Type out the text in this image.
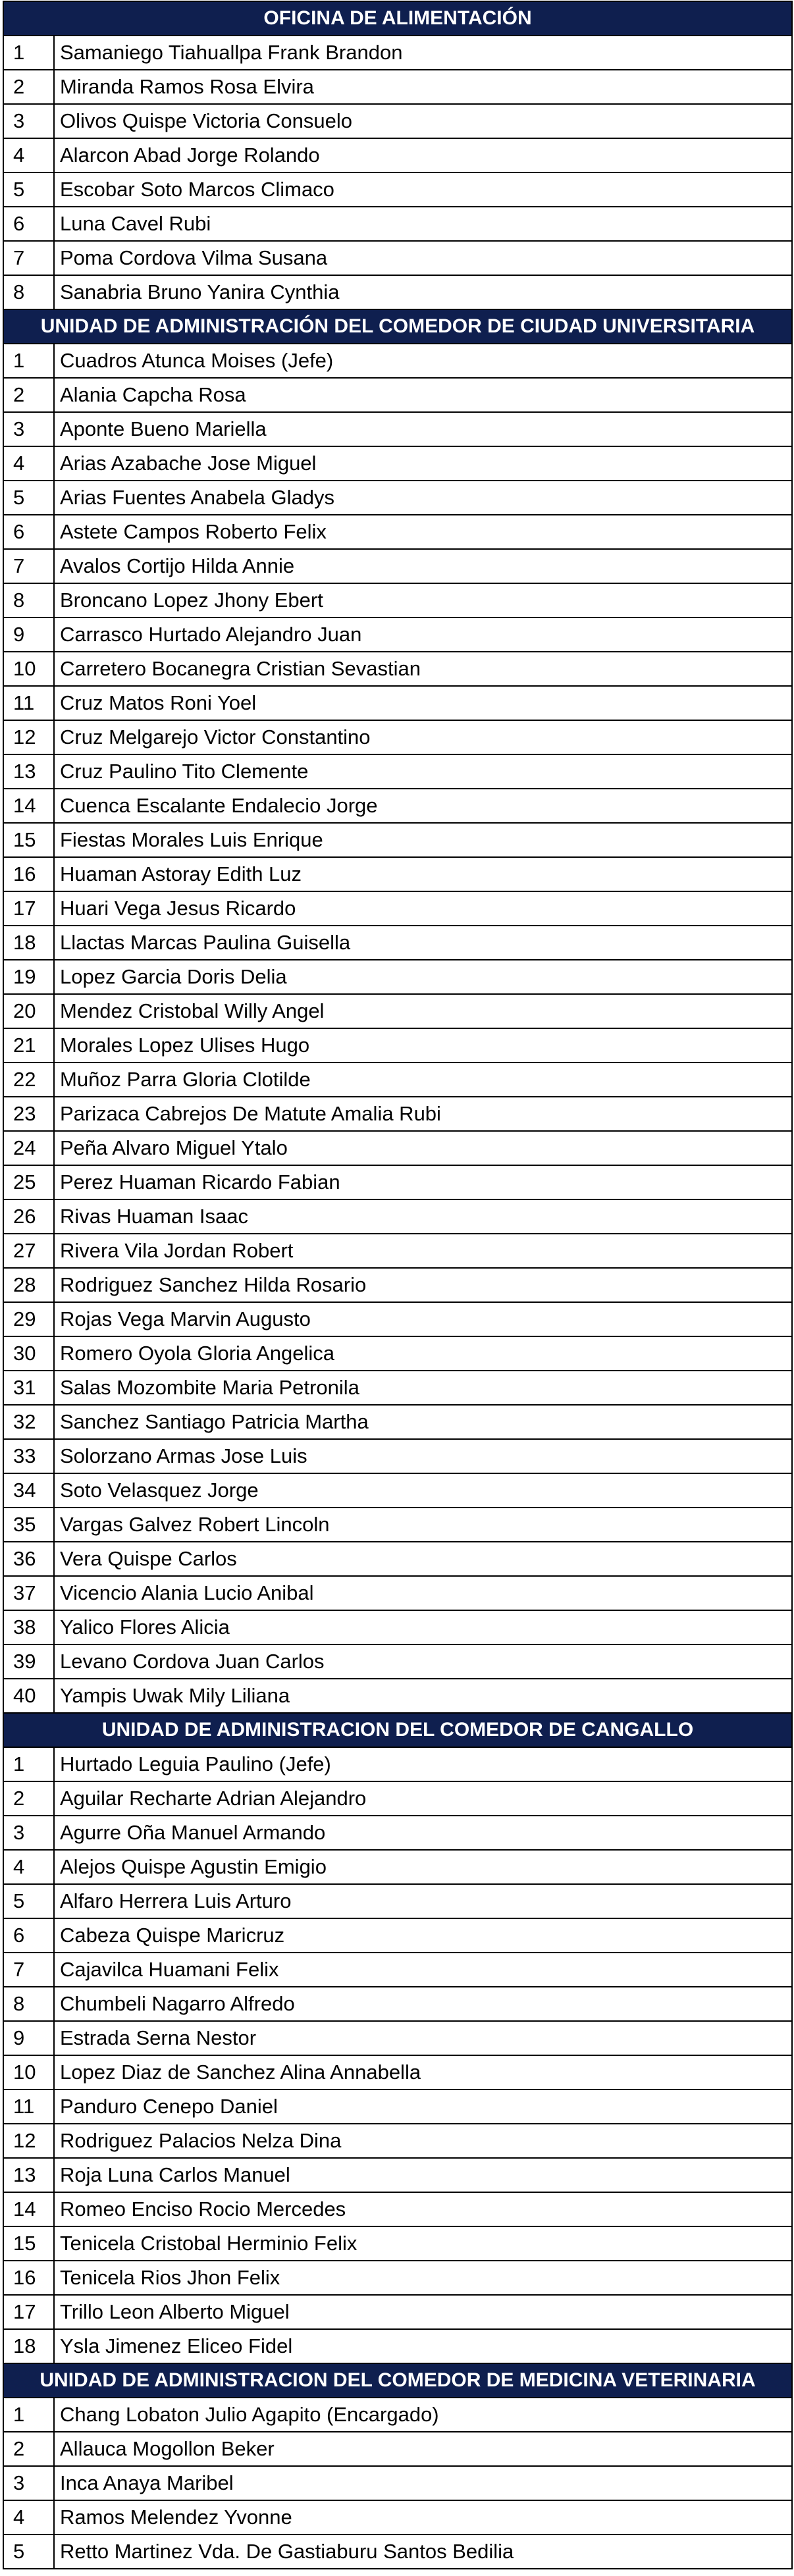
OFICINA DE ALIMENTACIÓN	
1	Samaniego Tiahuallpa Frank Brandon
2	Miranda Ramos Rosa Elvira
3	Olivos Quispe Victoria Consuelo
4	Alarcon Abad Jorge Rolando
5	Escobar Soto Marcos Climaco
6	Luna Cavel Rubi
7	Poma Cordova Vilma Susana
8	Sanabria Bruno Yanira Cynthia
UNIDAD DE ADMINISTRACIÓN DEL COMEDOR DE CIUDAD UNIVERSITARIA	
1	Cuadros Atunca Moises (Jefe)
2	Alania Capcha Rosa
3	Aponte Bueno Mariella
4	Arias Azabache Jose Miguel
5	Arias Fuentes Anabela Gladys
6	Astete Campos Roberto Felix
7	Avalos Cortijo Hilda Annie
8	Broncano Lopez Jhony Ebert
9	Carrasco Hurtado Alejandro Juan
10	Carretero Bocanegra Cristian Sevastian
11	Cruz Matos Roni Yoel
12	Cruz Melgarejo Victor Constantino
13	Cruz Paulino Tito Clemente
14	Cuenca Escalante Endalecio Jorge
15	Fiestas Morales Luis Enrique
16	Huaman Astoray Edith Luz
17	Huari Vega Jesus Ricardo
18	Llactas Marcas Paulina Guisella
19	Lopez Garcia Doris Delia
20	Mendez Cristobal Willy Angel
21	Morales Lopez Ulises Hugo
22	Muñoz Parra Gloria Clotilde
23	Parizaca Cabrejos De Matute Amalia Rubi
24	Peña Alvaro Miguel Ytalo
25	Perez Huaman Ricardo Fabian
26	Rivas Huaman Isaac
27	Rivera Vila Jordan Robert
28	Rodriguez Sanchez Hilda Rosario
29	Rojas Vega Marvin Augusto
30	Romero Oyola Gloria Angelica
31	Salas Mozombite Maria Petronila
32	Sanchez Santiago Patricia Martha
33	Solorzano Armas Jose Luis
34	Soto Velasquez Jorge
35	Vargas Galvez Robert Lincoln
36	Vera Quispe Carlos
37	Vicencio Alania Lucio Anibal
38	Yalico Flores Alicia
39	Levano Cordova Juan Carlos
40	Yampis Uwak Mily Liliana
UNIDAD DE ADMINISTRACION DEL COMEDOR DE CANGALLO	
1	Hurtado Leguia Paulino (Jefe)
2	Aguilar Recharte Adrian Alejandro
3	Agurre Oña Manuel Armando
4	Alejos Quispe Agustin Emigio
5	Alfaro Herrera Luis Arturo
6	Cabeza Quispe Maricruz
7	Cajavilca Huamani Felix
8	Chumbeli Nagarro Alfredo
9	Estrada Serna Nestor
10	Lopez Diaz de Sanchez Alina Annabella
11	Panduro Cenepo Daniel
12	Rodriguez Palacios Nelza Dina
13	Roja Luna Carlos Manuel
14	Romeo Enciso Rocio Mercedes
15	Tenicela Cristobal Herminio Felix
16	Tenicela Rios Jhon Felix
17	Trillo Leon Alberto Miguel
18	Ysla Jimenez Eliceo Fidel
UNIDAD DE ADMINISTRACION DEL COMEDOR DE MEDICINA VETERINARIA	
1	Chang Lobaton Julio Agapito (Encargado)
2	Allauca Mogollon Beker
3	Inca Anaya Maribel
4	Ramos Melendez Yvonne
5	Retto Martinez Vda. De Gastiaburu Santos Bedilia
